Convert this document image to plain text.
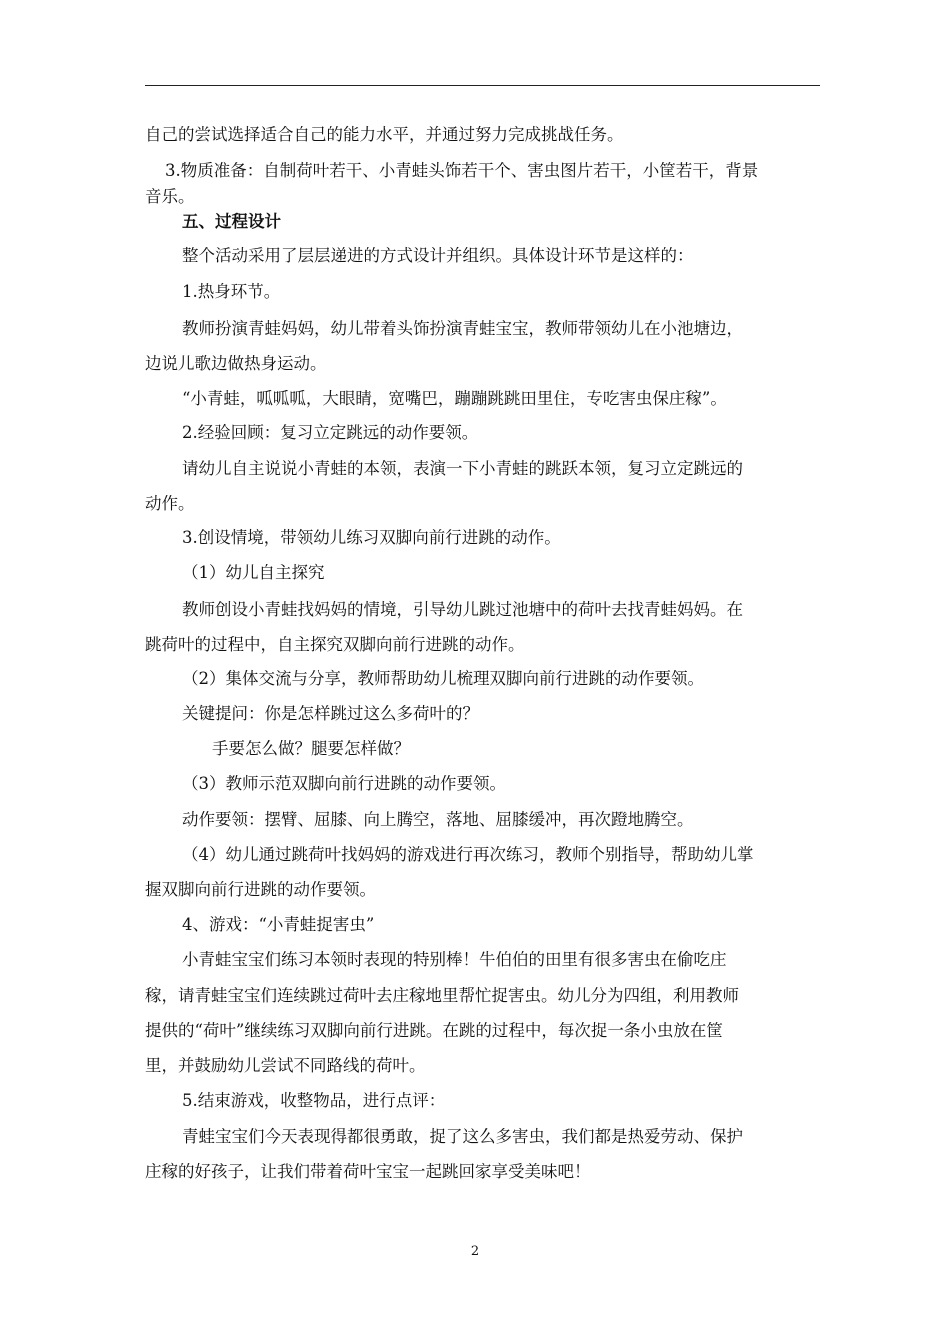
自己的尝试选择适合自己的能力水平，并通过努力完成挑战任务。
3.物质准备：自制荷叶若干、小青蛙头饰若干个、害虫图片若干，小筐若干，背景
音乐。
五、过程设计
整个活动采用了层层递进的方式设计并组织。具体设计环节是这样的：
1.热身环节。
教师扮演青蛙妈妈，幼儿带着头饰扮演青蛙宝宝，教师带领幼儿在小池塘边，
边说儿歌边做热身运动。
“小青蛙，呱呱呱，大眼睛，宽嘴巴，蹦蹦跳跳田里住，专吃害虫保庄稼”。
2.经验回顾：复习立定跳远的动作要领。
请幼儿自主说说小青蛙的本领，表演一下小青蛙的跳跃本领，复习立定跳远的
动作。
3.创设情境，带领幼儿练习双脚向前行进跳的动作。
（1）幼儿自主探究
教师创设小青蛙找妈妈的情境，引导幼儿跳过池塘中的荷叶去找青蛙妈妈。在
跳荷叶的过程中，自主探究双脚向前行进跳的动作。
（2）集体交流与分享，教师帮助幼儿梳理双脚向前行进跳的动作要领。
关键提问：你是怎样跳过这么多荷叶的？
手要怎么做？腿要怎样做？
（3）教师示范双脚向前行进跳的动作要领。
动作要领：摆臂、屈膝、向上腾空，落地、屈膝缓冲，再次蹬地腾空。
（4）幼儿通过跳荷叶找妈妈的游戏进行再次练习，教师个别指导，帮助幼儿掌
握双脚向前行进跳的动作要领。
4、游戏：“小青蛙捉害虫”
小青蛙宝宝们练习本领时表现的特别棒！牛伯伯的田里有很多害虫在偷吃庄
稼，请青蛙宝宝们连续跳过荷叶去庄稼地里帮忙捉害虫。幼儿分为四组，利用教师
提供的“荷叶”继续练习双脚向前行进跳。在跳的过程中，每次捉一条小虫放在筐
里，并鼓励幼儿尝试不同路线的荷叶。
5.结束游戏，收整物品，进行点评：
青蛙宝宝们今天表现得都很勇敢，捉了这么多害虫，我们都是热爱劳动、保护
庄稼的好孩子，让我们带着荷叶宝宝一起跳回家享受美味吧！
2
